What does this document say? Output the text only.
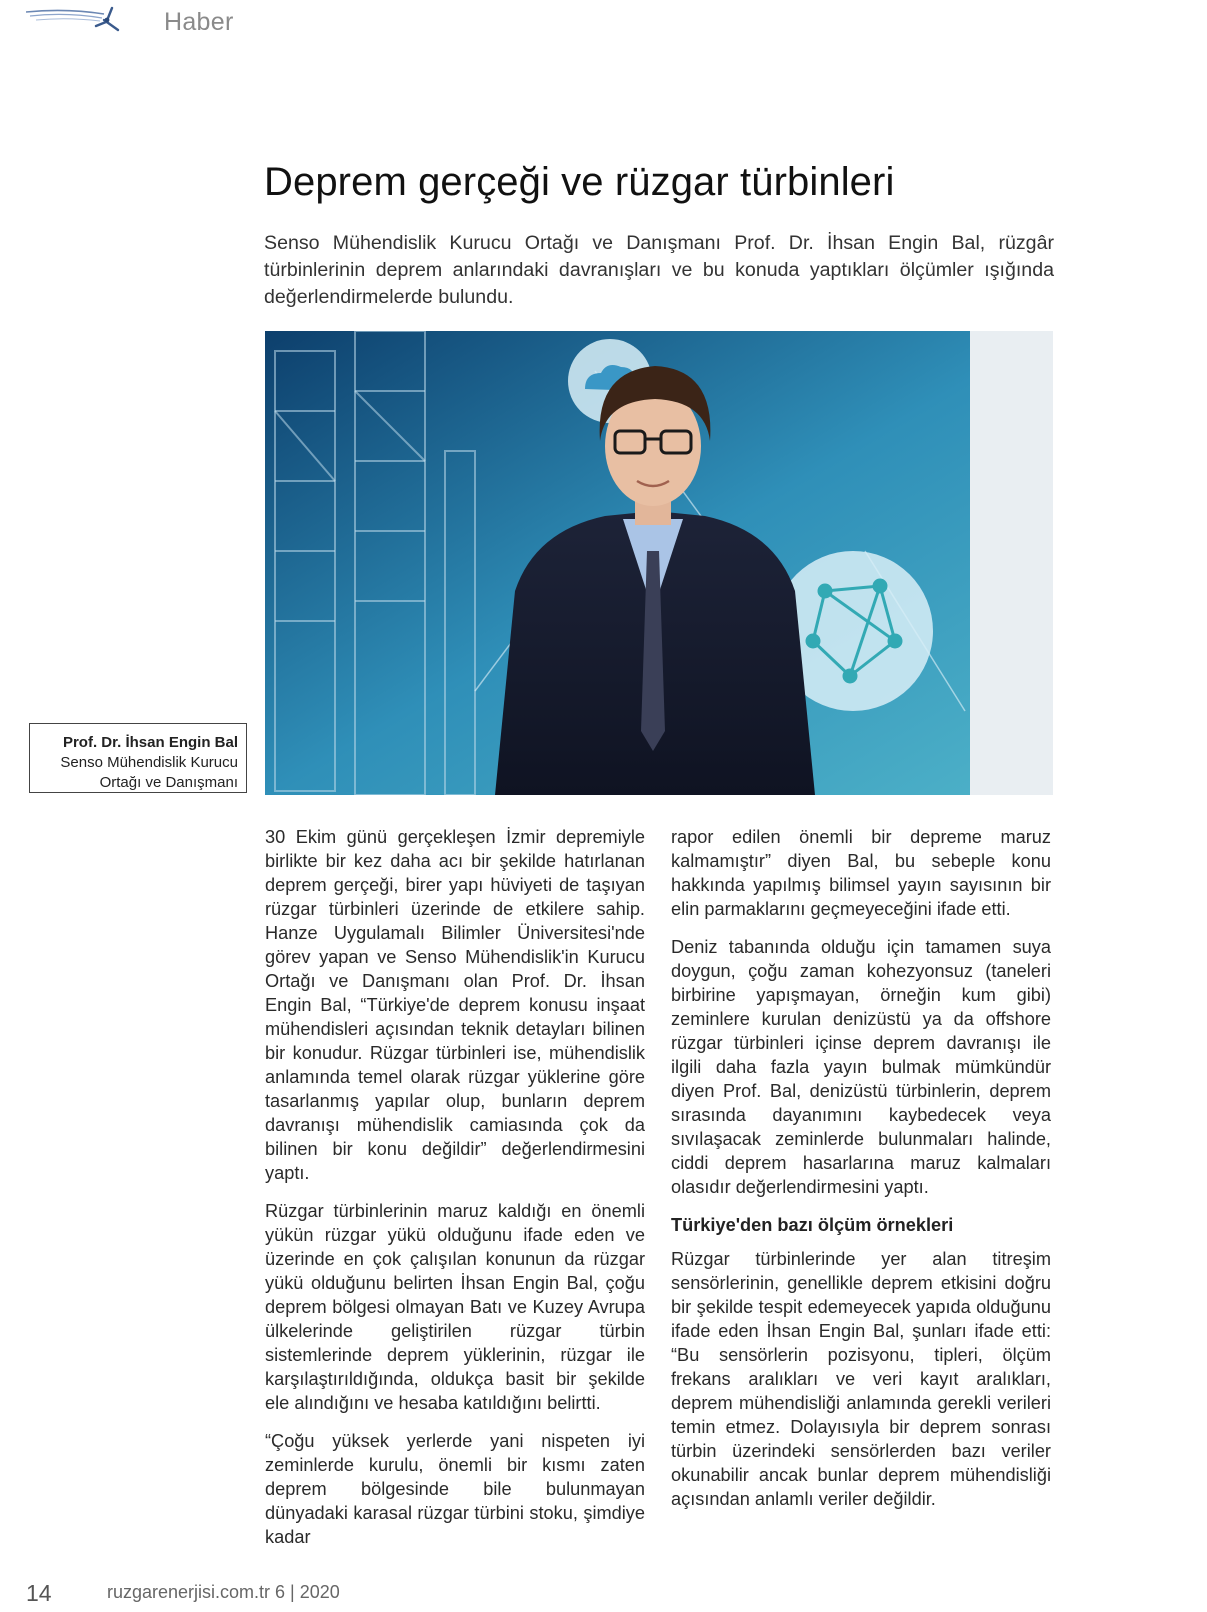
Haber
Deprem gerçeği ve rüzgar türbinleri

Senso Mühendislik Kurucu Ortağı ve Danışmanı Prof. Dr. İhsan Engin Bal, rüzgâr türbinlerinin deprem anlarındaki davranışları ve bu konuda yaptıkları ölçümler ışığında değerlendirmelerde bulundu.

Prof. Dr. İhsan Engin Bal
Senso Mühendislik Kurucu
Ortağı ve Danışmanı

30 Ekim günü gerçekleşen İzmir depremiyle birlikte bir kez daha acı bir şekilde hatırlanan deprem gerçeği, birer yapı hüviyeti de taşıyan rüzgar türbinleri üzerinde de etkilere sahip. Hanze Uygulamalı Bilimler Üniversitesi'nde görev yapan ve Senso Mühendislik'in Kurucu Ortağı ve Danışmanı olan Prof. Dr. İhsan Engin Bal, “Türkiye'de deprem konusu inşaat mühendisleri açısından teknik detayları bilinen bir konudur. Rüzgar türbinleri ise, mühendislik anlamında temel olarak rüzgar yüklerine göre tasarlanmış yapılar olup, bunların deprem davranışı mühendislik camiasında çok da bilinen bir konu değildir” değerlendirmesini yaptı.

Rüzgar türbinlerinin maruz kaldığı en önemli yükün rüzgar yükü olduğunu ifade eden ve üzerinde en çok çalışılan konunun da rüzgar yükü olduğunu belirten İhsan Engin Bal, çoğu deprem bölgesi olmayan Batı ve Kuzey Avrupa ülkelerinde geliştirilen rüzgar türbin sistemlerinde deprem yüklerinin, rüzgar ile karşılaştırıldığında, oldukça basit bir şekilde ele alındığını ve hesaba katıldığını belirtti.

“Çoğu yüksek yerlerde yani nispeten iyi zeminlerde kurulu, önemli bir kısmı zaten deprem bölgesinde bile bulunmayan dünyadaki karasal rüzgar türbini stoku, şimdiye kadar

rapor edilen önemli bir depreme maruz kalmamıştır” diyen Bal, bu sebeple konu hakkında yapılmış bilimsel yayın sayısının bir elin parmaklarını geçmeyeceğini ifade etti.

Deniz tabanında olduğu için tamamen suya doygun, çoğu zaman kohezyonsuz (taneleri birbirine yapışmayan, örneğin kum gibi) zeminlere kurulan denizüstü ya da offshore rüzgar türbinleri içinse deprem davranışı ile ilgili daha fazla yayın bulmak mümkündür diyen Prof. Bal, denizüstü türbinlerin, deprem sırasında dayanımını kaybedecek veya sıvılaşacak zeminlerde bulunmaları halinde, ciddi deprem hasarlarına maruz kalmaları olasıdır değerlendirmesini yaptı.

Türkiye'den bazı ölçüm örnekleri

Rüzgar türbinlerinde yer alan titreşim sensörlerinin, genellikle deprem etkisini doğru bir şekilde tespit edemeyecek yapıda olduğunu ifade eden İhsan Engin Bal, şunları ifade etti: “Bu sensörlerin pozisyonu, tipleri, ölçüm frekans aralıkları ve veri kayıt aralıkları, deprem mühendisliği anlamında gerekli verileri temin etmez. Dolayısıyla bir deprem sonrası türbin üzerindeki sensörlerden bazı veriler okunabilir ancak bunlar deprem mühendisliği açısından anlamlı veriler değildir.

14	ruzgarenerjisi.com.tr 6 | 2020
